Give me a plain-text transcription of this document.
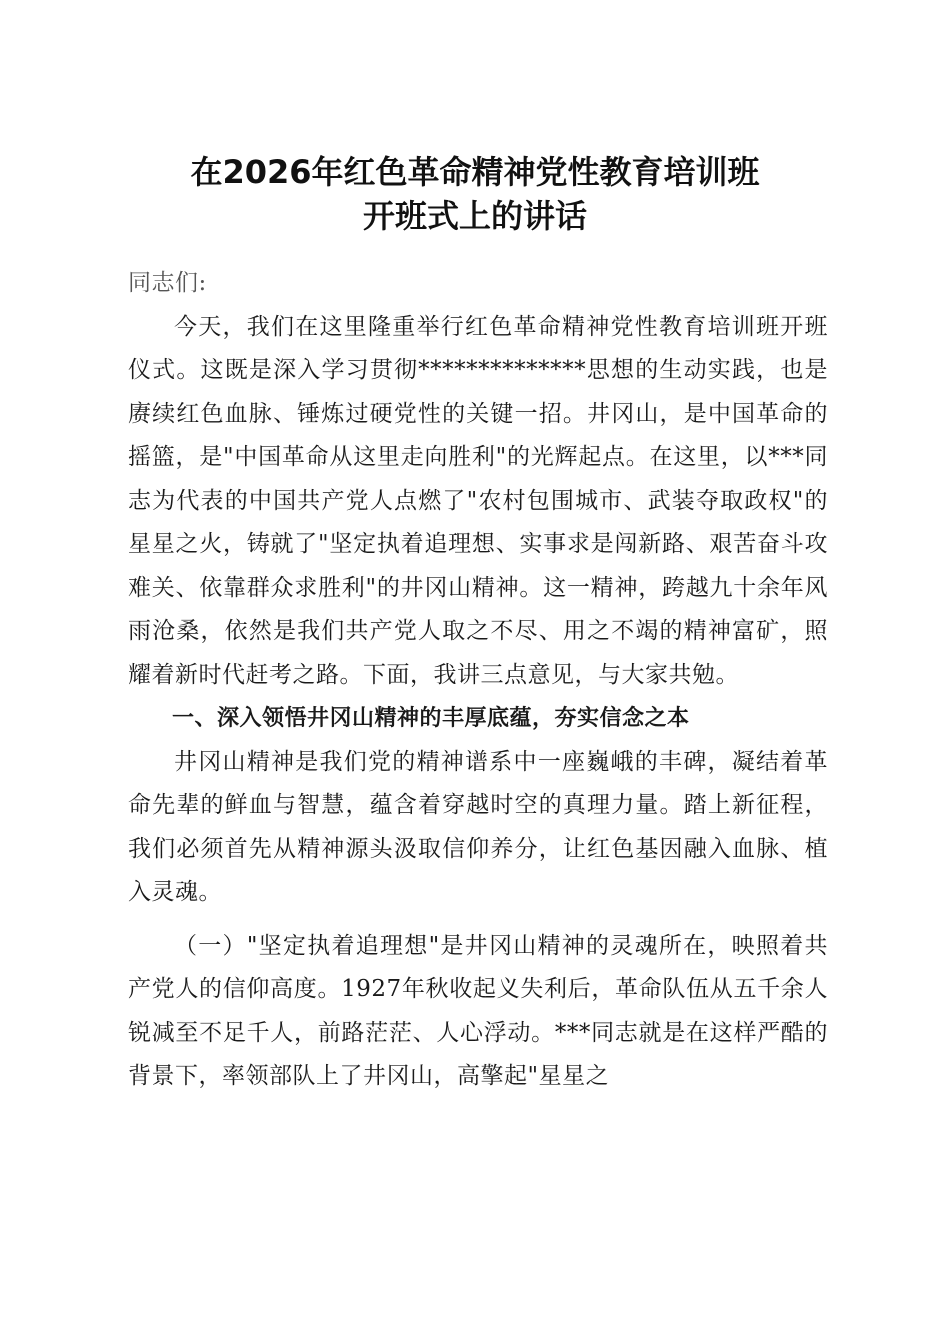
在2026年红色革命精神党性教育培训班
开班式上的讲话

同志们:

今天，我们在这里隆重举行红色革命精神党性教育培训班开班仪式。这既是深入学习贯彻**************思想的生动实践，也是赓续红色血脉、锤炼过硬党性的关键一招。井冈山，是中国革命的摇篮，是"中国革命从这里走向胜利"的光辉起点。在这里，以***同志为代表的中国共产党人点燃了"农村包围城市、武装夺取政权"的星星之火，铸就了"坚定执着追理想、实事求是闯新路、艰苦奋斗攻难关、依靠群众求胜利"的井冈山精神。这一精神，跨越九十余年风雨沧桑，依然是我们共产党人取之不尽、用之不竭的精神富矿，照耀着新时代赶考之路。下面，我讲三点意见，与大家共勉。

一、深入领悟井冈山精神的丰厚底蕴，夯实信念之本

井冈山精神是我们党的精神谱系中一座巍峨的丰碑，凝结着革命先辈的鲜血与智慧，蕴含着穿越时空的真理力量。踏上新征程，我们必须首先从精神源头汲取信仰养分，让红色基因融入血脉、植入灵魂。

（一）"坚定执着追理想"是井冈山精神的灵魂所在，映照着共产党人的信仰高度。1927年秋收起义失利后，革命队伍从五千余人锐减至不足千人，前路茫茫、人心浮动。***同志就是在这样严酷的背景下，率领部队上了井冈山，高擎起"星星之
